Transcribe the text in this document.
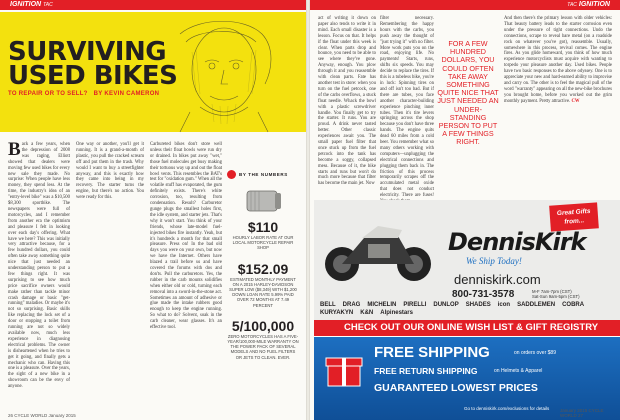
IGNITION TAC
SURVIVING
USED BIKES
TO REPAIR OR TO SELL? BY KEVIN CAMERON
Back a few years, when the depression of 2008 was raging, Elliott showed that dealers were moving few used bikes for every new sale they made. No surprise: When people have less money, they spend less. At the time, the industry's idea of an "entry-level bike" was a $10,500 $8,300 sportbike. The newspapers were full of motorcycles, and I remember from another era the optimism and pleasure I felt in looking over each day's offering. What have we here? This was initially very attractive because, for a few hundred dollars, you could often take away something quite nice that just needed an understanding person to put a few things right. It was surprising to see how much price sacrifice owners would make rather than tackle minor crash damage or basic "get-running" maladies. Or maybe it's not so surprising. Basic skills like replacing the lock set of a door or stopping a toilet from running are not so widely available now, much less experience in diagnosing electrical problems. The owner is disheartened when he tries to get it going, and finally gets a mechanic who can. Having this one is a pleasure. Over the years, the sight of a new bike in a showroom can be the envy of anyone.
One way or another, you'll get it running. It is a grand-a-month of plastic, you pull the cracked scream off and put them in the trash. Why would I want to buy a streetfighter anyway, and this is exactly how they came into being in my recovery. The starter turns the engine, but there's no action. You were ready for this.
Carbureted bikes don't store well unless their float bowls were run dry or drained. In bikes put away "wet," those fuel molecules get busy making their tortuous way up and out the float bowl vents. This resembles the BAT's test for "oxidation gum." When all the volatile stuff has evaporated, the gum definitely exists. There's white corrosion, too, resulting from condensation. Result? Carburetor gunge plugs the smallest holes first, the idle system, and starter jets. That's why it won't start. You think of your friends, whose late-model fuel-injected bikes fire instantly. Yeah, but it's hundreds a month for that small pleasure. Press on! In the bad old days you were on your own, but now we have the Internet. Others have blazed a trail before us and have covered the forums with dos and don'ts. Pull the carburetors. Yes, the rubber in the carb mounts solidifies when either old or cold, turning each removal into a sword-in-the-stone act. Sometimes an amount of adhesive or glue made the intake rubbers good enough to keep the engine running. So what to do? Solvent, soak in the carb cleaner, wear glasses. It's an effective tool.
BY THE NUMBERS
$110
HOURLY LABOR RATE AT OUR LOCAL MOTORCYCLE REPAIR SHOP
$152.09
ESTIMATED MONTHLY PAYMENT ON A 2015 HARLEY-DAVIDSON SUPER LOW ($8,349) WITH $1,200 DOWN LOAN RATE 5.99% PAID OVER 72 MONTHS AT 7.49 PERCENT
5/100,000
ZERO MOTORCYCLES HAS A FIVE-YEAR/100,000-MILE WARRANTY ON THE POWER PACK OF SEVERAL MODELS AND NO FUEL FILTERS OR JETS TO CLEAN. EVER.
26 CYCLE WORLD January 2015
TAC IGNITION
act of writing it down on paper also tends to write it in mind. Each small disaster is a lesson. Focus on that. It helps if the float under this week is clear. When parts drop and bounce, you need to be able to see where they've gone. Anyway, enough. You plow through it and you reassemble with clean parts. Fate has another test in store: when you turn on the fuel petcock, one of the carbs overflows, a stuck float needle. Whack the bowl with a plastic screwdriver handle. You finally get to try the starter. It runs. You are proud. A drink never tasted better. Other classic experiences await you. The small paper fuel filter that once stuck up from the fuel petcock into the tank has become a soggy, collapsed mess. Because of it, the bike starts and runs but won't do much more because that filter has become the main jet. Now
filter necessary. Remembering the happy hours with the carbs, you push away the thought of "just trying it" with no filter. More work puts you on the road, enjoying life. No payments! Starts, runs, shifts six speeds. You may decide to replace the tires. If this is a tubeless bike, you're in luck: Spinning tires on and off isn't too bad. But if there are tubes, you face another character-building experience pinching inner tubes. Then it's tire levers springing across the shop because you don't have three hands. The engine quits dead 60 miles from a cold beer. You remember what so many others working with computers—unplugging the electrical connections and plugging them back in. The friction of this process temporarily scrapes off the accumulated metal oxide that does not conduct electricity. There are fuses!
And then there's the primary lesson with older vehicles: That beauty battery leads to the starter corrosion even under the pressure of tight connections. Undo the connections, scrape to reveal bare metal (on a roadside rock on whatever you've got), reassemble. Usually, somewhere in this process, revival comes. The engine fires. As you glide homeward, you think of how much experience motorcyclists must acquire with wanting to torpedo your pleasure another day. Used bikes. People have two basic responses to the above odyssey. One is to appreciate your new and hard-earned ability to improvise and carry on. The other is to feel the magical pull of the word "warranty" appearing on all the new-bike brochures you brought home, before you worked out the grim monthly payment. Pretty attractive. CW
FOR A FEW HUNDRED DOLLARS, YOU COULD OFTEN TAKE AWAY SOMETHING QUITE NICE THAT JUST NEEDED AN UNDER-STANDING PERSON TO PUT A FEW THINGS RIGHT.
Great Gifts from...
DennisKirk
We Ship Today!
denniskirk.com
800-731-3578	M-F 7am-7pm (CST)
Sat-Sun 9am-5pm (CST)
BELL DRAG MICHELIN PIRELLI DUNLOP SHADES icon SADDLEMEN COBRA
KURYAKYN K&N Alpinestars
CHECK OUT OUR ONLINE WISH LIST & GIFT REGISTRY
FREE SHIPPING	on orders over $89
FREE RETURN SHIPPING	on Helmets & Apparel
GUARANTEED LOWEST PRICES
Go to denniskirk.com/exclusions for details January 2015 CYCLE WORLD 27
